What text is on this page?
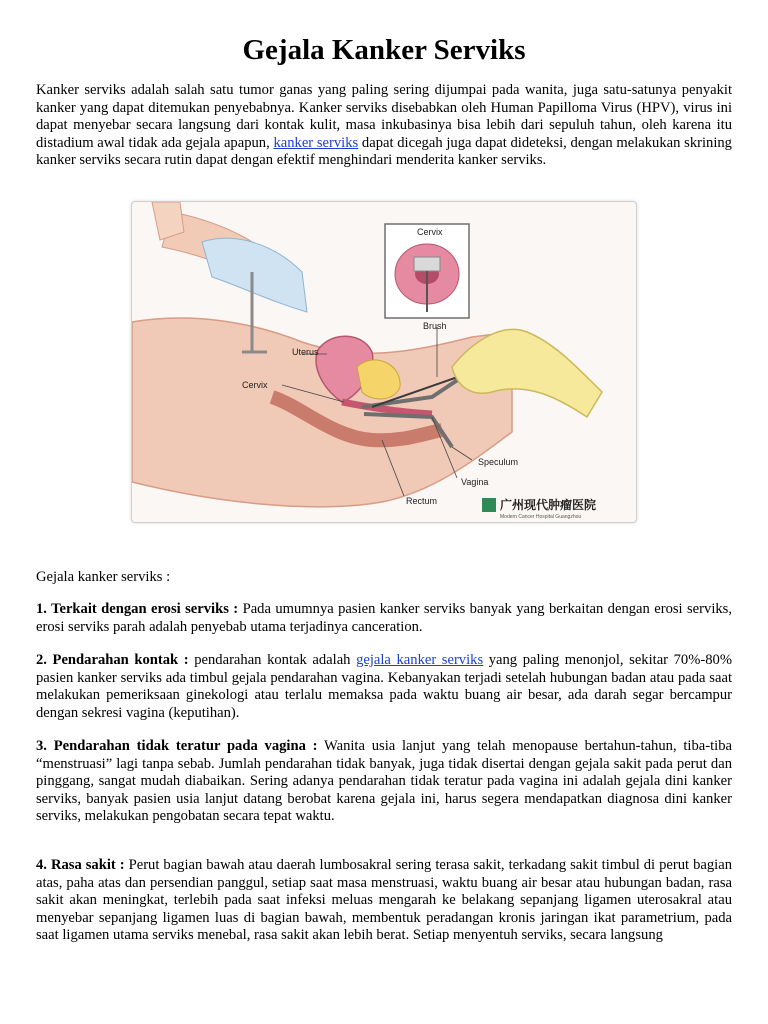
Gejala Kanker Serviks

Kanker serviks adalah salah satu tumor ganas yang paling sering dijumpai pada wanita, juga satu-satunya penyakit kanker yang dapat ditemukan penyebabnya. Kanker serviks disebabkan oleh Human Papilloma Virus (HPV), virus ini dapat menyebar secara langsung dari kontak kulit, masa inkubasinya bisa lebih dari sepuluh tahun, oleh karena itu distadium awal tidak ada gejala apapun, kanker serviks dapat dicegah juga dapat dideteksi, dengan melakukan skrining kanker serviks secara rutin dapat dengan efektif menghindari menderita kanker serviks.

Cervix
Brush
Uterus
Cervix
Speculum
Vagina
Rectum	广州现代肿瘤医院
Modern Cancer Hospital Guangzhou

Gejala kanker serviks :

1. Terkait dengan erosi serviks : Pada umumnya pasien kanker serviks banyak yang berkaitan dengan erosi serviks, erosi serviks parah adalah penyebab utama terjadinya canceration.

2. Pendarahan kontak : pendarahan kontak adalah gejala kanker serviks yang paling menonjol, sekitar 70%-80% pasien kanker serviks ada timbul gejala pendarahan vagina. Kebanyakan terjadi setelah hubungan badan atau pada saat melakukan pemeriksaan ginekologi atau terlalu memaksa pada waktu buang air besar, ada darah segar bercampur dengan sekresi vagina (keputihan).

3. Pendarahan tidak teratur pada vagina : Wanita usia lanjut yang telah menopause bertahun-tahun, tiba-tiba “menstruasi” lagi tanpa sebab. Jumlah pendarahan tidak banyak, juga tidak disertai dengan gejala sakit pada perut dan pinggang, sangat mudah diabaikan. Sering adanya pendarahan tidak teratur pada vagina ini adalah gejala dini kanker serviks, banyak pasien usia lanjut datang berobat karena gejala ini, harus segera mendapatkan diagnosa dini kanker serviks, melakukan pengobatan secara tepat waktu.

4. Rasa sakit : Perut bagian bawah atau daerah lumbosakral sering terasa sakit, terkadang sakit timbul di perut bagian atas, paha atas dan persendian panggul, setiap saat masa menstruasi, waktu buang air besar atau hubungan badan, rasa sakit akan meningkat, terlebih pada saat infeksi meluas mengarah ke belakang sepanjang ligamen uterosakral atau menyebar sepanjang ligamen luas di bagian bawah, membentuk peradangan kronis jaringan ikat parametrium, pada saat ligamen utama serviks menebal, rasa sakit akan lebih berat. Setiap menyentuh serviks, secara langsung
